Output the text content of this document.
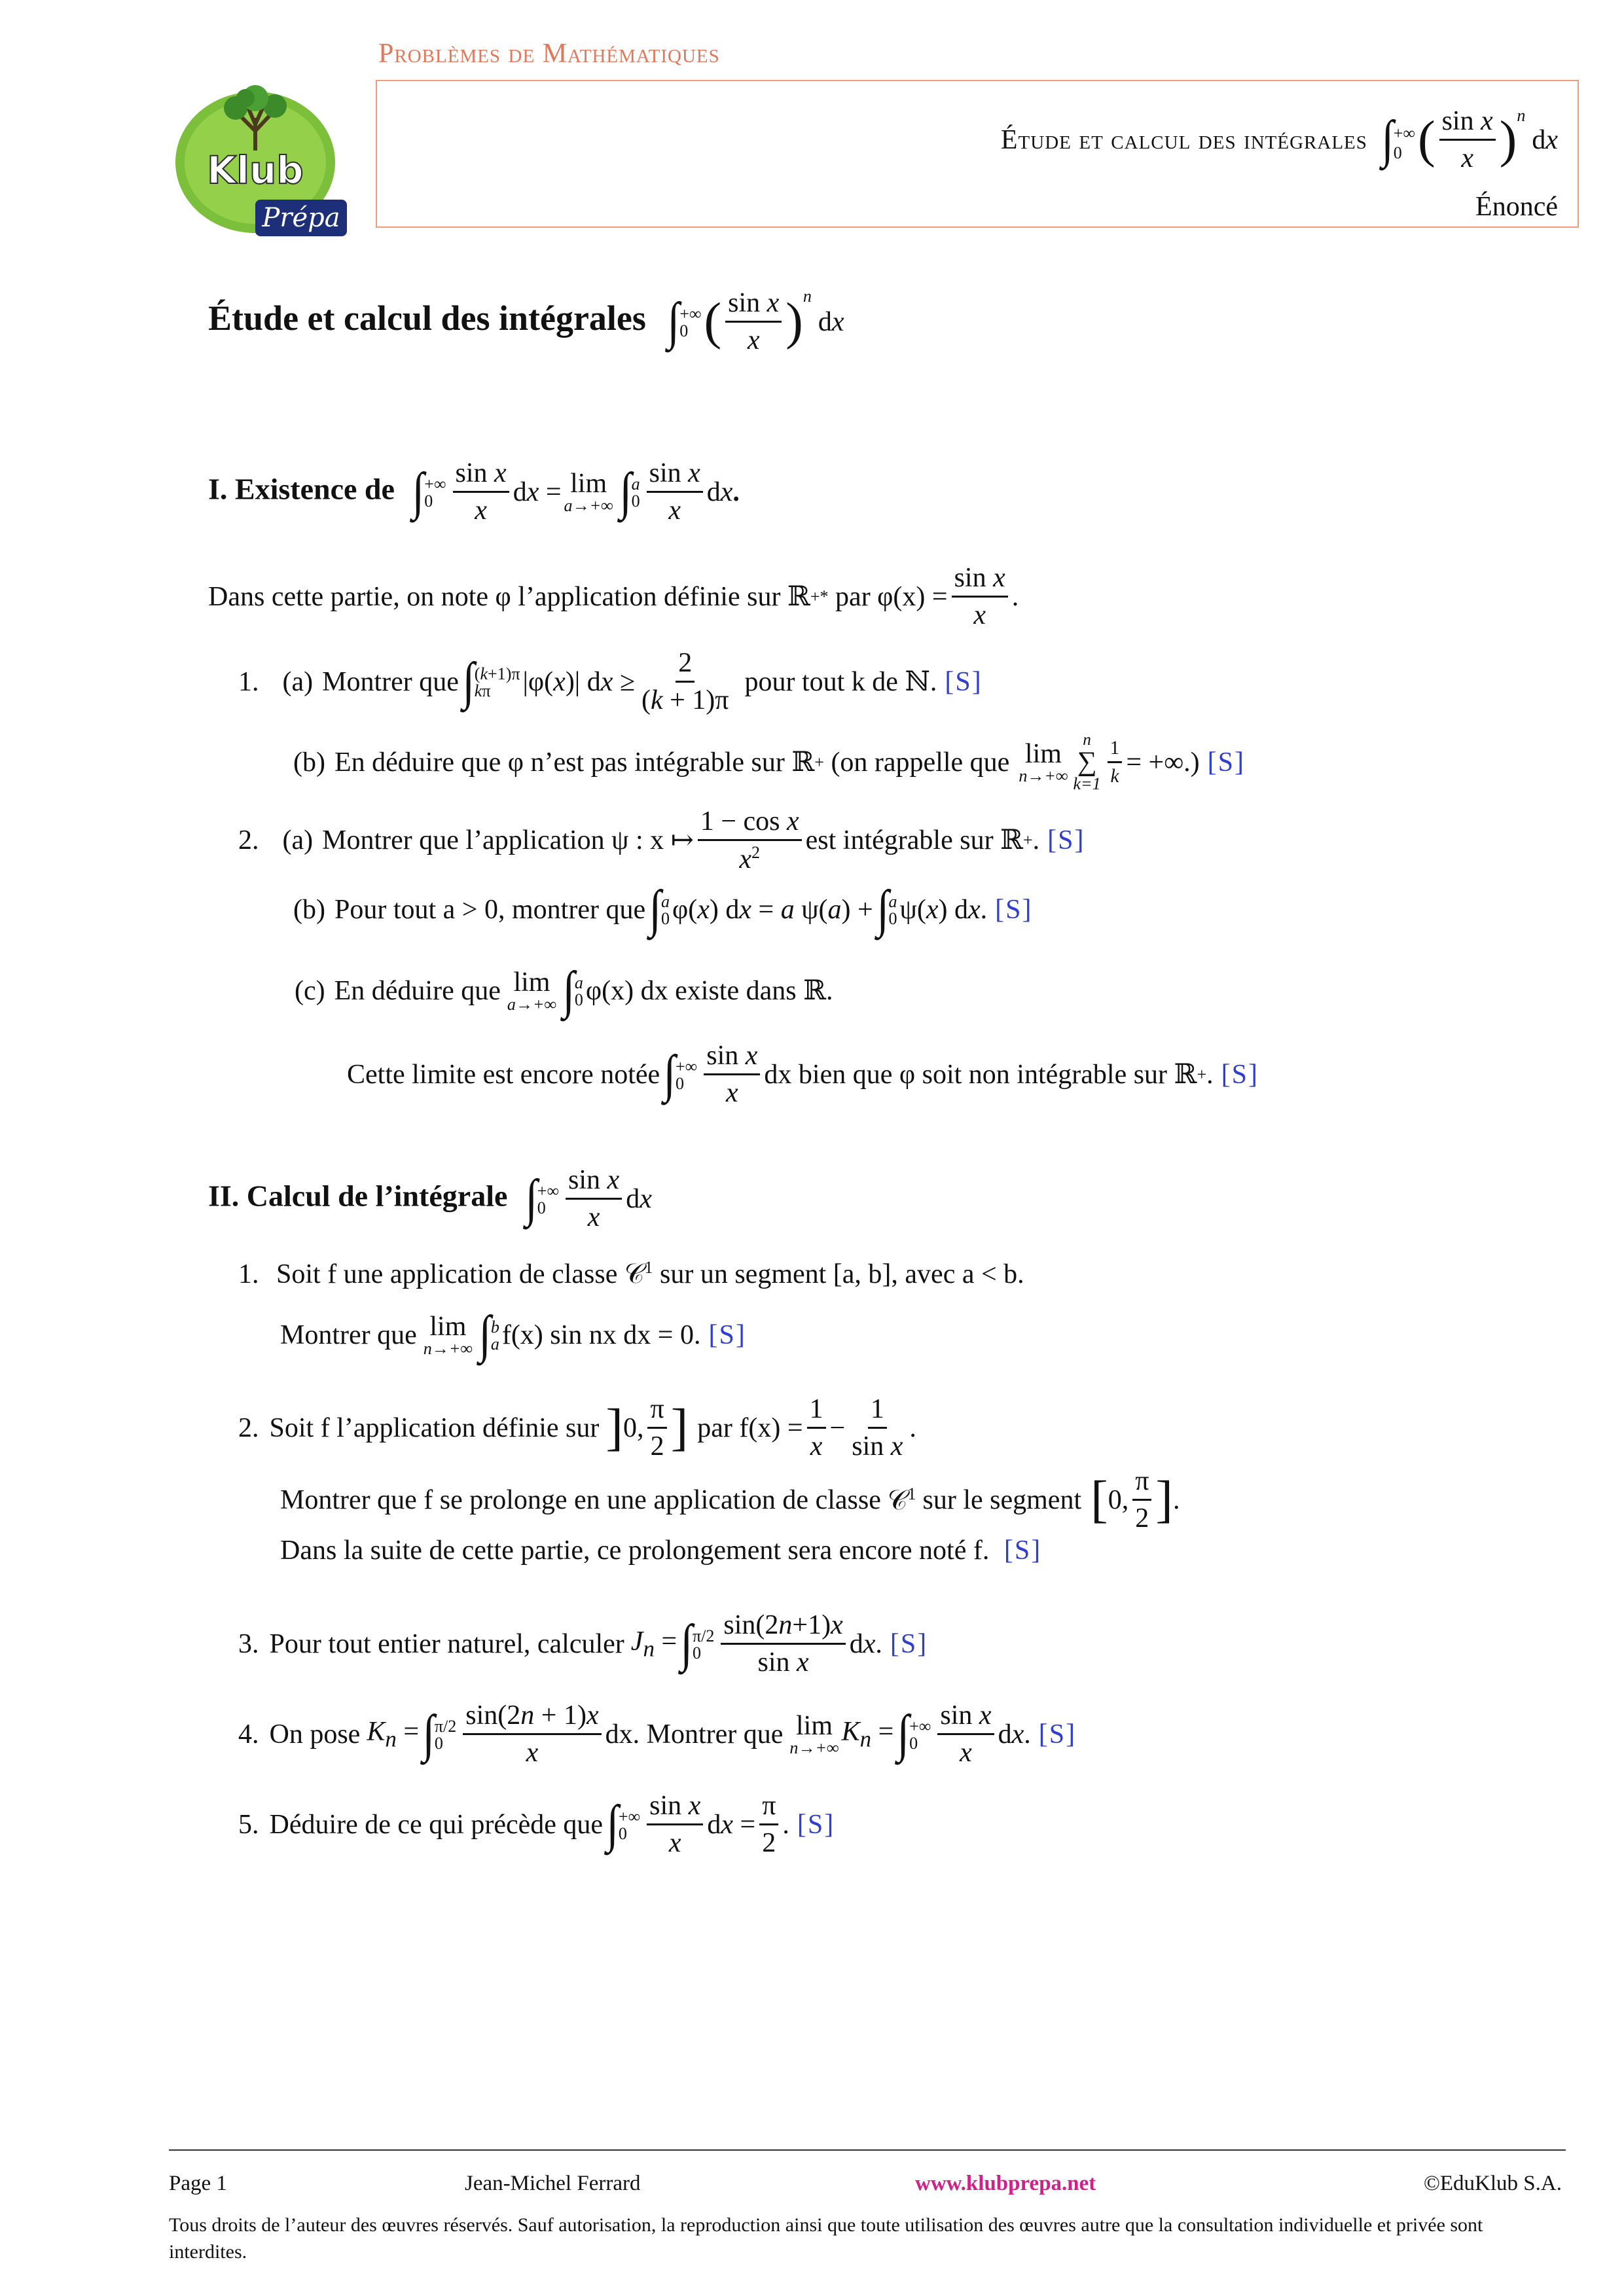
Klub
Prépa
Problèmes de Mathématiques
Étude et calcul des intégrales ∫ +∞
0 ( $\frac{\text{sin x}}{x} )^n$
dx
Énoncé
Étude et calcul des intégrales ∫ +∞
0 ( $\frac{\text{sin x}}{x} )^n$
dx
I. Existence de ∫ +∞
$0 \frac{\text{sin x}}{x}$ dx = lim
a→+∞ ∫ a
$0 \frac{\text{sin x}}{x}$ dx.
Dans cette partie, on note φ l’application définie sur ℝ +* par $\varphi(x) = \frac{\text{sin x}}{x}$ .
1. (a) Montrer que ∫ (k+1)π
kπ	|φ(x)| dx ≥ $\frac{2}{(k + 1)\pi}$ pour tout k de ℕ. [S]
(b) En déduire que φ n’est pas intégrable sur ℝ + (on rappelle que lim
n→+∞
n
∑
$k=1 \frac{1}{k}$ = +∞.) [S]
2. (a) Montrer que l’application ψ : x ↦ $\frac{\text{1 − cos x}}{x^2}$ est intégrable sur ℝ + . [S]
(b) Pour tout a > 0, montrer que ∫ a
0 φ(x) dx = a ψ(a) + ∫ a
0 ψ(x) dx. [S]
(c) En déduire que lim
a→+∞ ∫ a
0 φ(x) dx existe dans ℝ.
Cette limite est encore notée ∫ +∞
$0 \frac{\text{sin x}}{x}$ dx bien que φ soit non intégrable sur ℝ + . [S]
II. Calcul de l’intégrale ∫ +∞
$0 \frac{\text{sin x}}{x}$ dx
1. Soit f une application de classe 𝒞$^1$ sur un segment [a, b], avec a < b.
Montrer que lim
n→+∞ ∫ b
a f(x) sin nx dx = 0. [S]
2. Soit f l’application définie sur ] 0, $\frac{\pi}{2}$ ] par $f(x) = \frac{1}{x} - \frac{1}{\text{sin x}}$ .
Montrer que f se prolonge en une application de classe 𝒞$^1$ sur le segment [ 0, $\frac{\pi}{2}$ ] .
Dans la suite de cette partie, ce prolongement sera encore noté f. [S]
3. Pour tout entier naturel, calculer $J_n$ = ∫ π/2
$0 \frac{\sin(2n+1)x}{\text{sin x}}$ dx. [S]
4. On pose $K_n$ = ∫ π/2
$0 \frac{\sin(2n + 1)x}{x}$ dx. Montrer que lim
n→+∞
$K_n$ = ∫ +∞
$0 \frac{\text{sin x}}{x}$ dx. [S]
5. Déduire de ce qui précède que ∫ +∞
$0 \frac{\text{sin x}}{x}$ dx = $\frac{\pi}{2}$ . [S]
Page 1	Jean-Michel Ferrard	www.klubprepa.net	©EduKlub S.A.
Tous droits de l’auteur des œuvres réservés. Sauf autorisation, la reproduction ainsi que toute utilisation des œuvres autre que la consultation individuelle et privée sont interdites.
